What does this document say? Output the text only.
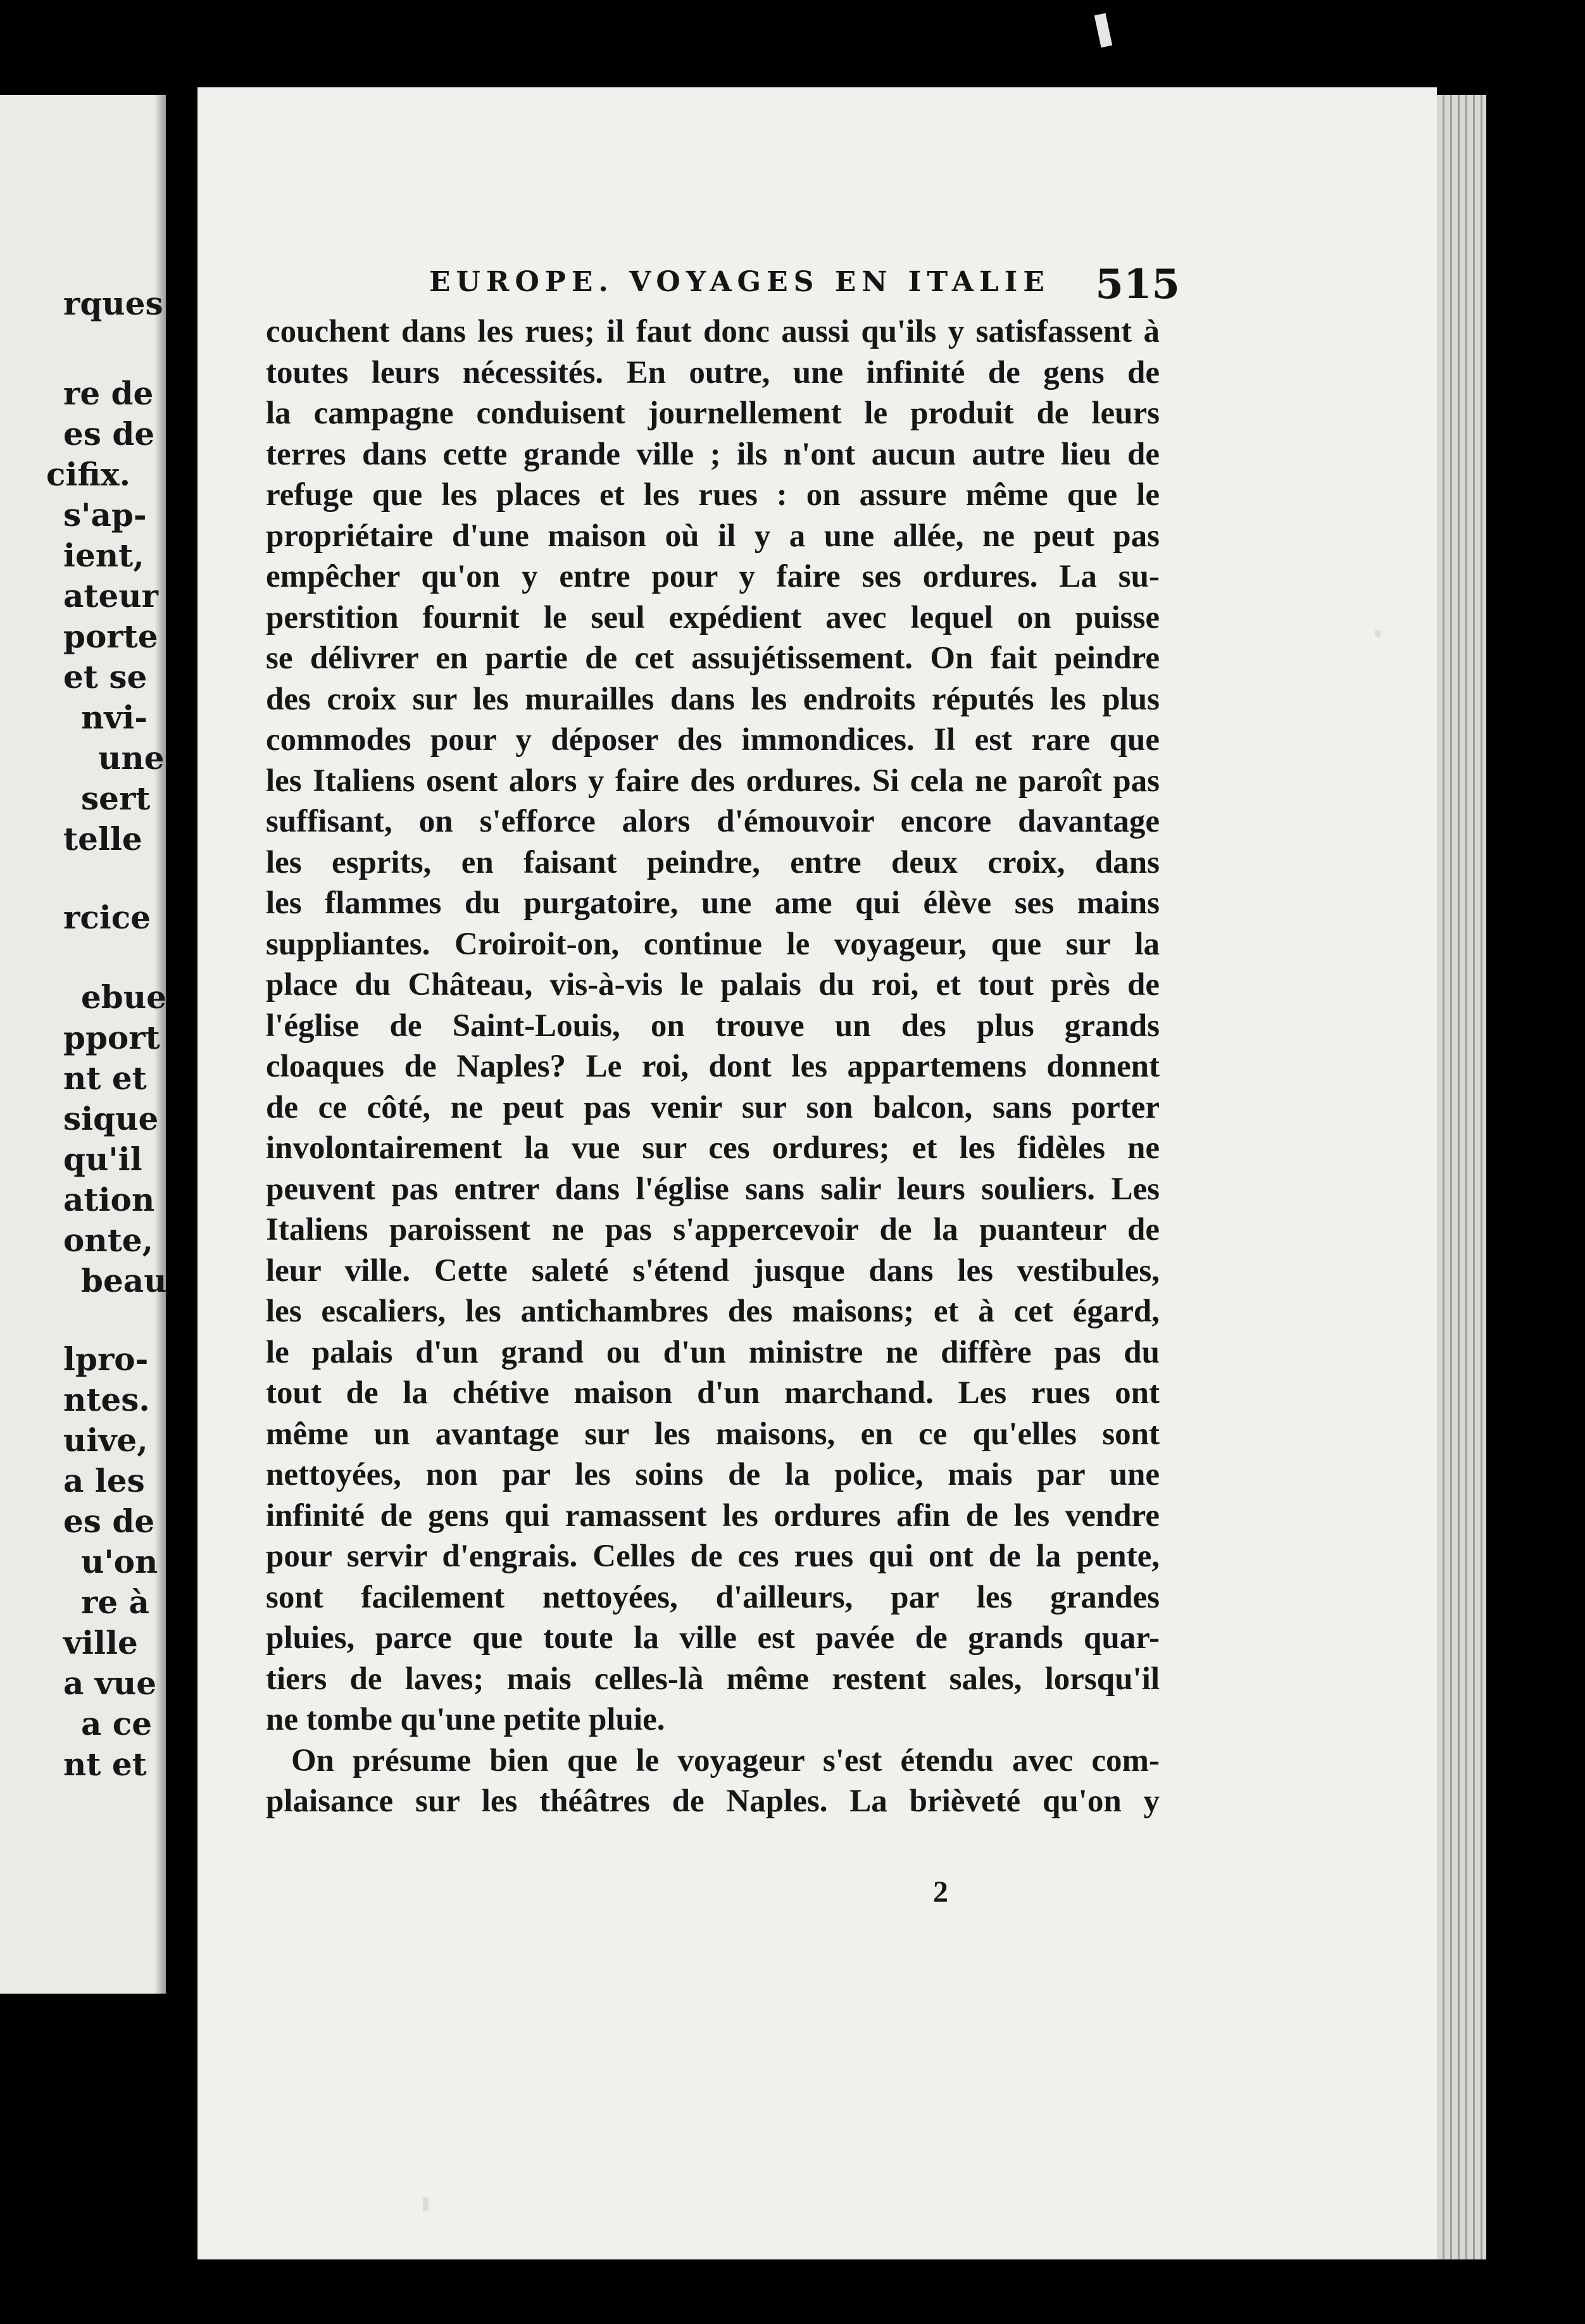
rques

re de

es de

cifix.

s'ap-

ient,

ateur

porte

et se

nvi-

une

sert

telle

rcice

ebue

pport

nt et

sique

qu'il

ation

onte,

beau

lpro-

ntes.

uive,

a les

es de

u'on

re à

ville

a vue

a ce

nt et

EUROPE. VOYAGES EN ITALIE 515

couchent dans les rues; il faut donc aussi qu'ils y satisfassent à

toutes leurs nécessités. En outre, une infinité de gens de

la campagne conduisent journellement le produit de leurs

terres dans cette grande ville ; ils n'ont aucun autre lieu de

refuge que les places et les rues : on assure même que le

propriétaire d'une maison où il y a une allée, ne peut pas

empêcher qu'on y entre pour y faire ses ordures. La su-

perstition fournit le seul expédient avec lequel on puisse

se délivrer en partie de cet assujétissement. On fait peindre

des croix sur les murailles dans les endroits réputés les plus

commodes pour y déposer des immondices. Il est rare que

les Italiens osent alors y faire des ordures. Si cela ne paroît pas

suffisant, on s'efforce alors d'émouvoir encore davantage

les esprits, en faisant peindre, entre deux croix, dans

les flammes du purgatoire, une ame qui élève ses mains

suppliantes. Croiroit-on, continue le voyageur, que sur la

place du Château, vis-à-vis le palais du roi, et tout près de

l'église de Saint-Louis, on trouve un des plus grands

cloaques de Naples? Le roi, dont les appartemens donnent

de ce côté, ne peut pas venir sur son balcon, sans porter

involontairement la vue sur ces ordures; et les fidèles ne

peuvent pas entrer dans l'église sans salir leurs souliers. Les

Italiens paroissent ne pas s'appercevoir de la puanteur de

leur ville. Cette saleté s'étend jusque dans les vestibules,

les escaliers, les antichambres des maisons; et à cet égard,

le palais d'un grand ou d'un ministre ne diffère pas du

tout de la chétive maison d'un marchand. Les rues ont

même un avantage sur les maisons, en ce qu'elles sont

nettoyées, non par les soins de la police, mais par une

infinité de gens qui ramassent les ordures afin de les vendre

pour servir d'engrais. Celles de ces rues qui ont de la pente,

sont facilement nettoyées, d'ailleurs, par les grandes

pluies, parce que toute la ville est pavée de grands quar-

tiers de laves; mais celles-là même restent sales, lorsqu'il

ne tombe qu'une petite pluie.

On présume bien que le voyageur s'est étendu avec com-

plaisance sur les théâtres de Naples. La brièveté qu'on y

2
